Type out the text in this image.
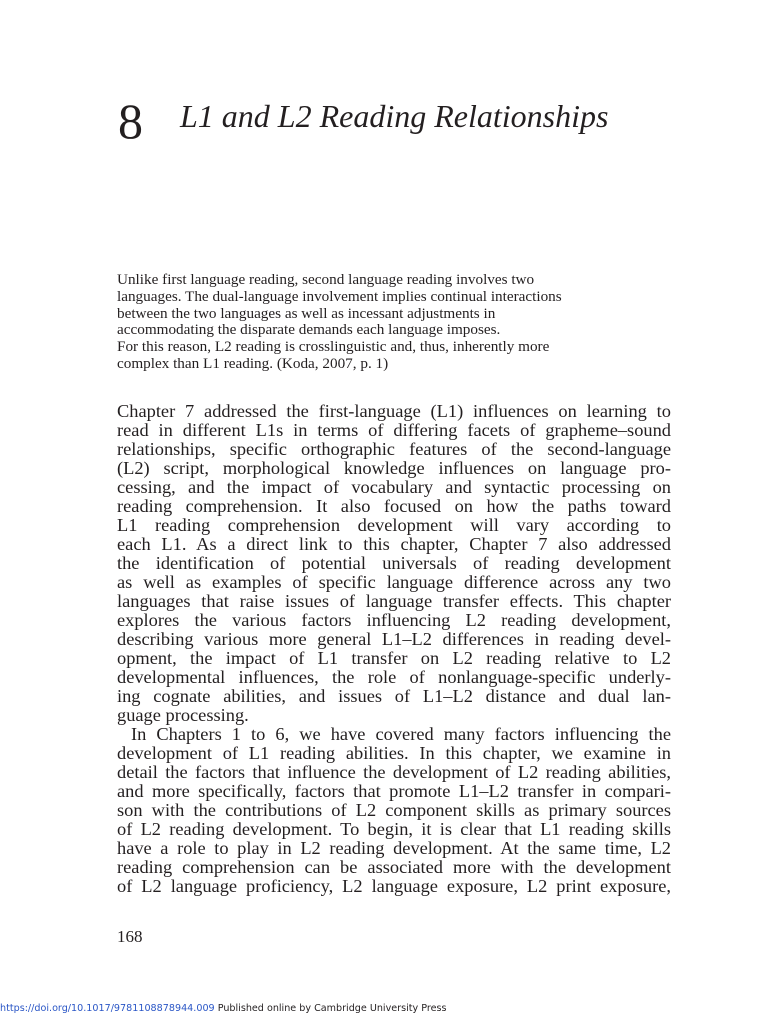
8 L1 and L2 Reading Relationships

Unlike first language reading, second language reading involves two

languages. The dual-language involvement implies continual interactions

between the two languages as well as incessant adjustments in

accommodating the disparate demands each language imposes.

For this reason, L2 reading is crosslinguistic and, thus, inherently more

complex than L1 reading. (Koda, 2007, p. 1)

Chapter 7 addressed the first-language (L1) influences on learning to
read in different L1s in terms of differing facets of grapheme–sound
relationships, specific orthographic features of the second-language
(L2) script, morphological knowledge influences on language pro-
cessing, and the impact of vocabulary and syntactic processing on
reading comprehension. It also focused on how the paths toward
L1 reading comprehension development will vary according to
each L1. As a direct link to this chapter, Chapter 7 also addressed
the identification of potential universals of reading development
as well as examples of specific language difference across any two
languages that raise issues of language transfer effects. This chapter
explores the various factors influencing L2 reading development,
describing various more general L1–L2 differences in reading devel-
opment, the impact of L1 transfer on L2 reading relative to L2
developmental influences, the role of nonlanguage-specific underly-
ing cognate abilities, and issues of L1–L2 distance and dual lan-
guage processing.
In Chapters 1 to 6, we have covered many factors influencing the
development of L1 reading abilities. In this chapter, we examine in
detail the factors that influence the development of L2 reading abilities,
and more specifically, factors that promote L1–L2 transfer in compari-
son with the contributions of L2 component skills as primary sources
of L2 reading development. To begin, it is clear that L1 reading skills
have a role to play in L2 reading development. At the same time, L2
reading comprehension can be associated more with the development
of L2 language proficiency, L2 language exposure, L2 print exposure,
168
https://doi.org/10.1017/9781108878944.009 Published online by Cambridge University Press
